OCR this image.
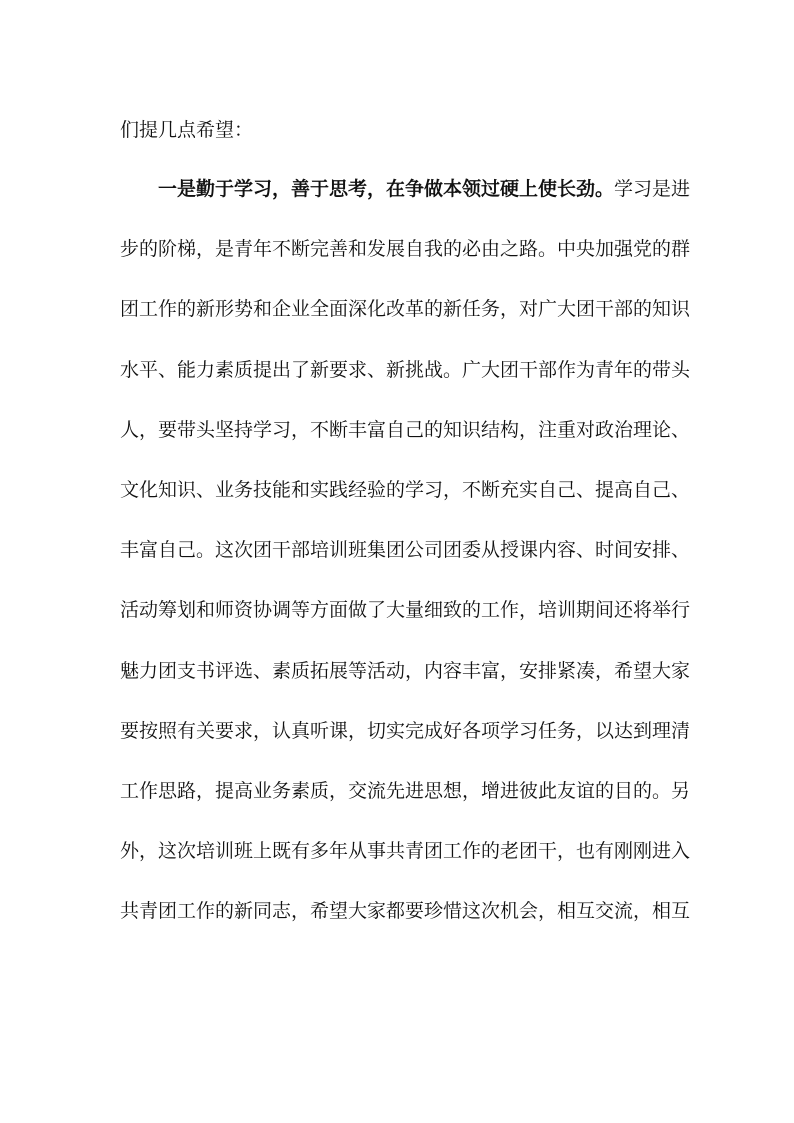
们提几点希望：
一是勤于学习，善于思考，在争做本领过硬上使长劲。学习是进
步的阶梯，是青年不断完善和发展自我的必由之路。中央加强党的群
团工作的新形势和企业全面深化改革的新任务，对广大团干部的知识
水平、能力素质提出了新要求、新挑战。广大团干部作为青年的带头
人，要带头坚持学习，不断丰富自己的知识结构，注重对政治理论、
文化知识、业务技能和实践经验的学习，不断充实自己、提高自己、
丰富自己。这次团干部培训班集团公司团委从授课内容、时间安排、
活动筹划和师资协调等方面做了大量细致的工作，培训期间还将举行
魅力团支书评选、素质拓展等活动，内容丰富，安排紧凑，希望大家
要按照有关要求，认真听课，切实完成好各项学习任务，以达到理清
工作思路，提高业务素质，交流先进思想，增进彼此友谊的目的。另
外，这次培训班上既有多年从事共青团工作的老团干，也有刚刚进入
共青团工作的新同志，希望大家都要珍惜这次机会，相互交流，相互
